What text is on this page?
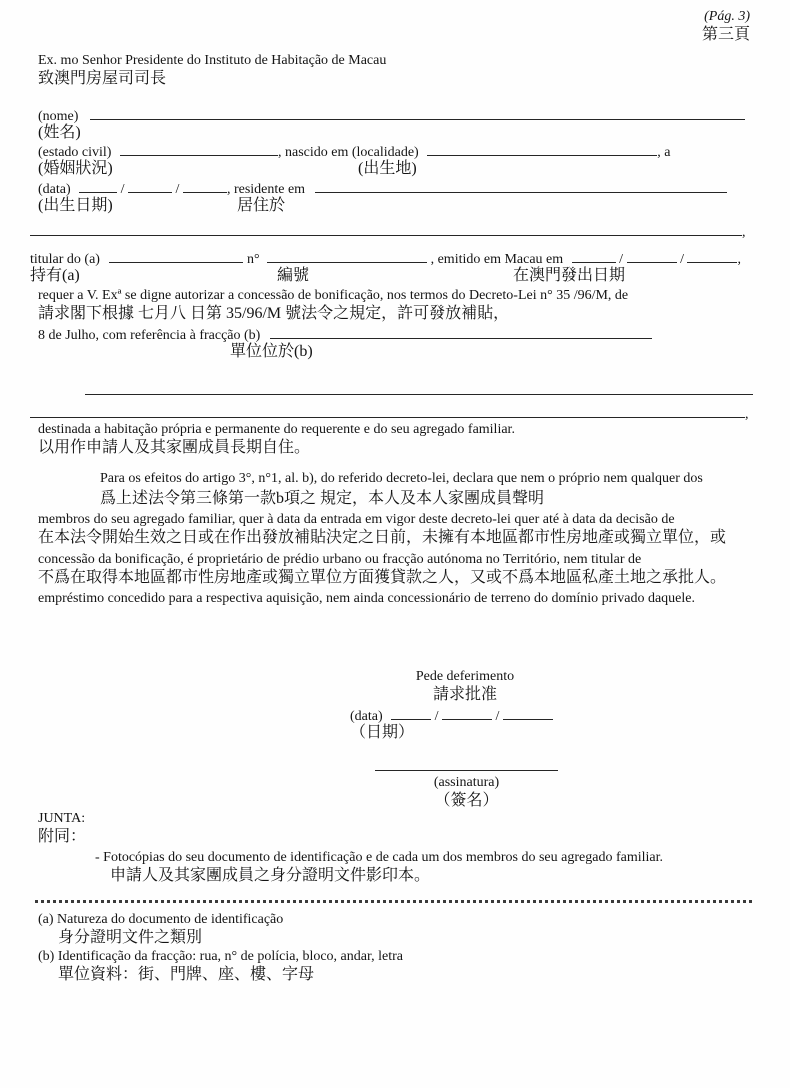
(Pág. 3)
第三頁
Ex. mo Senhor Presidente do Instituto de Habitação de Macau
致澳門房屋司司長
(nome)
(姓名)
(estado civil)	, nascido em (localidade)	, a
(婚姻狀況)	(出生地)
(data)	/	/	, residente em
(出生日期)	居住於
,
titular do (a)	n°	, emitido em Macau em	/	/	,
持有(a)	編號	在澳門發出日期
requer a V. Exª se digne autorizar a concessão de bonificação, nos termos do Decreto-Lei n° 35 /96/M, de
請求閣下根據 七月八 日第 35/96/M 號法令之規定，許可發放補貼，
8 de Julho, com referência à fracção (b)
單位位於(b)
,
destinada a habitação própria e permanente do requerente e do seu agregado familiar.
以用作申請人及其家團成員長期自住。
Para os efeitos do artigo 3°, n°1, al. b), do referido decreto-lei, declara que nem o próprio nem qualquer dos
爲上述法令第三條第一款b項之 規定，本人及本人家團成員聲明
membros do seu agregado familiar, quer à data da entrada em vigor deste decreto-lei quer até à data da decisão de
在本法令開始生效之日或在作出發放補貼決定之日前，未擁有本地區都市性房地產或獨立單位，或
concessão da bonificação, é proprietário de prédio urbano ou fracção autónoma no Território, nem titular de
不爲在取得本地區都市性房地產或獨立單位方面獲貸款之人，又或不爲本地區私產土地之承批人。
empréstimo concedido para a respectiva aquisição, nem ainda concessionário de terreno do domínio privado daquele.
Pede deferimento
請求批准
(data)	/	/
（日期）
(assinatura)
（簽名）
JUNTA:
附同：
- Fotocópias do seu documento de identificação e de cada um dos membros do seu agregado familiar.
申請人及其家團成員之身分證明文件影印本。
(a) Natureza do documento de identificação
身分證明文件之類別
(b) Identificação da fracção: rua, n° de polícia, bloco, andar, letra
單位資料：街、門牌、座、樓、字母
